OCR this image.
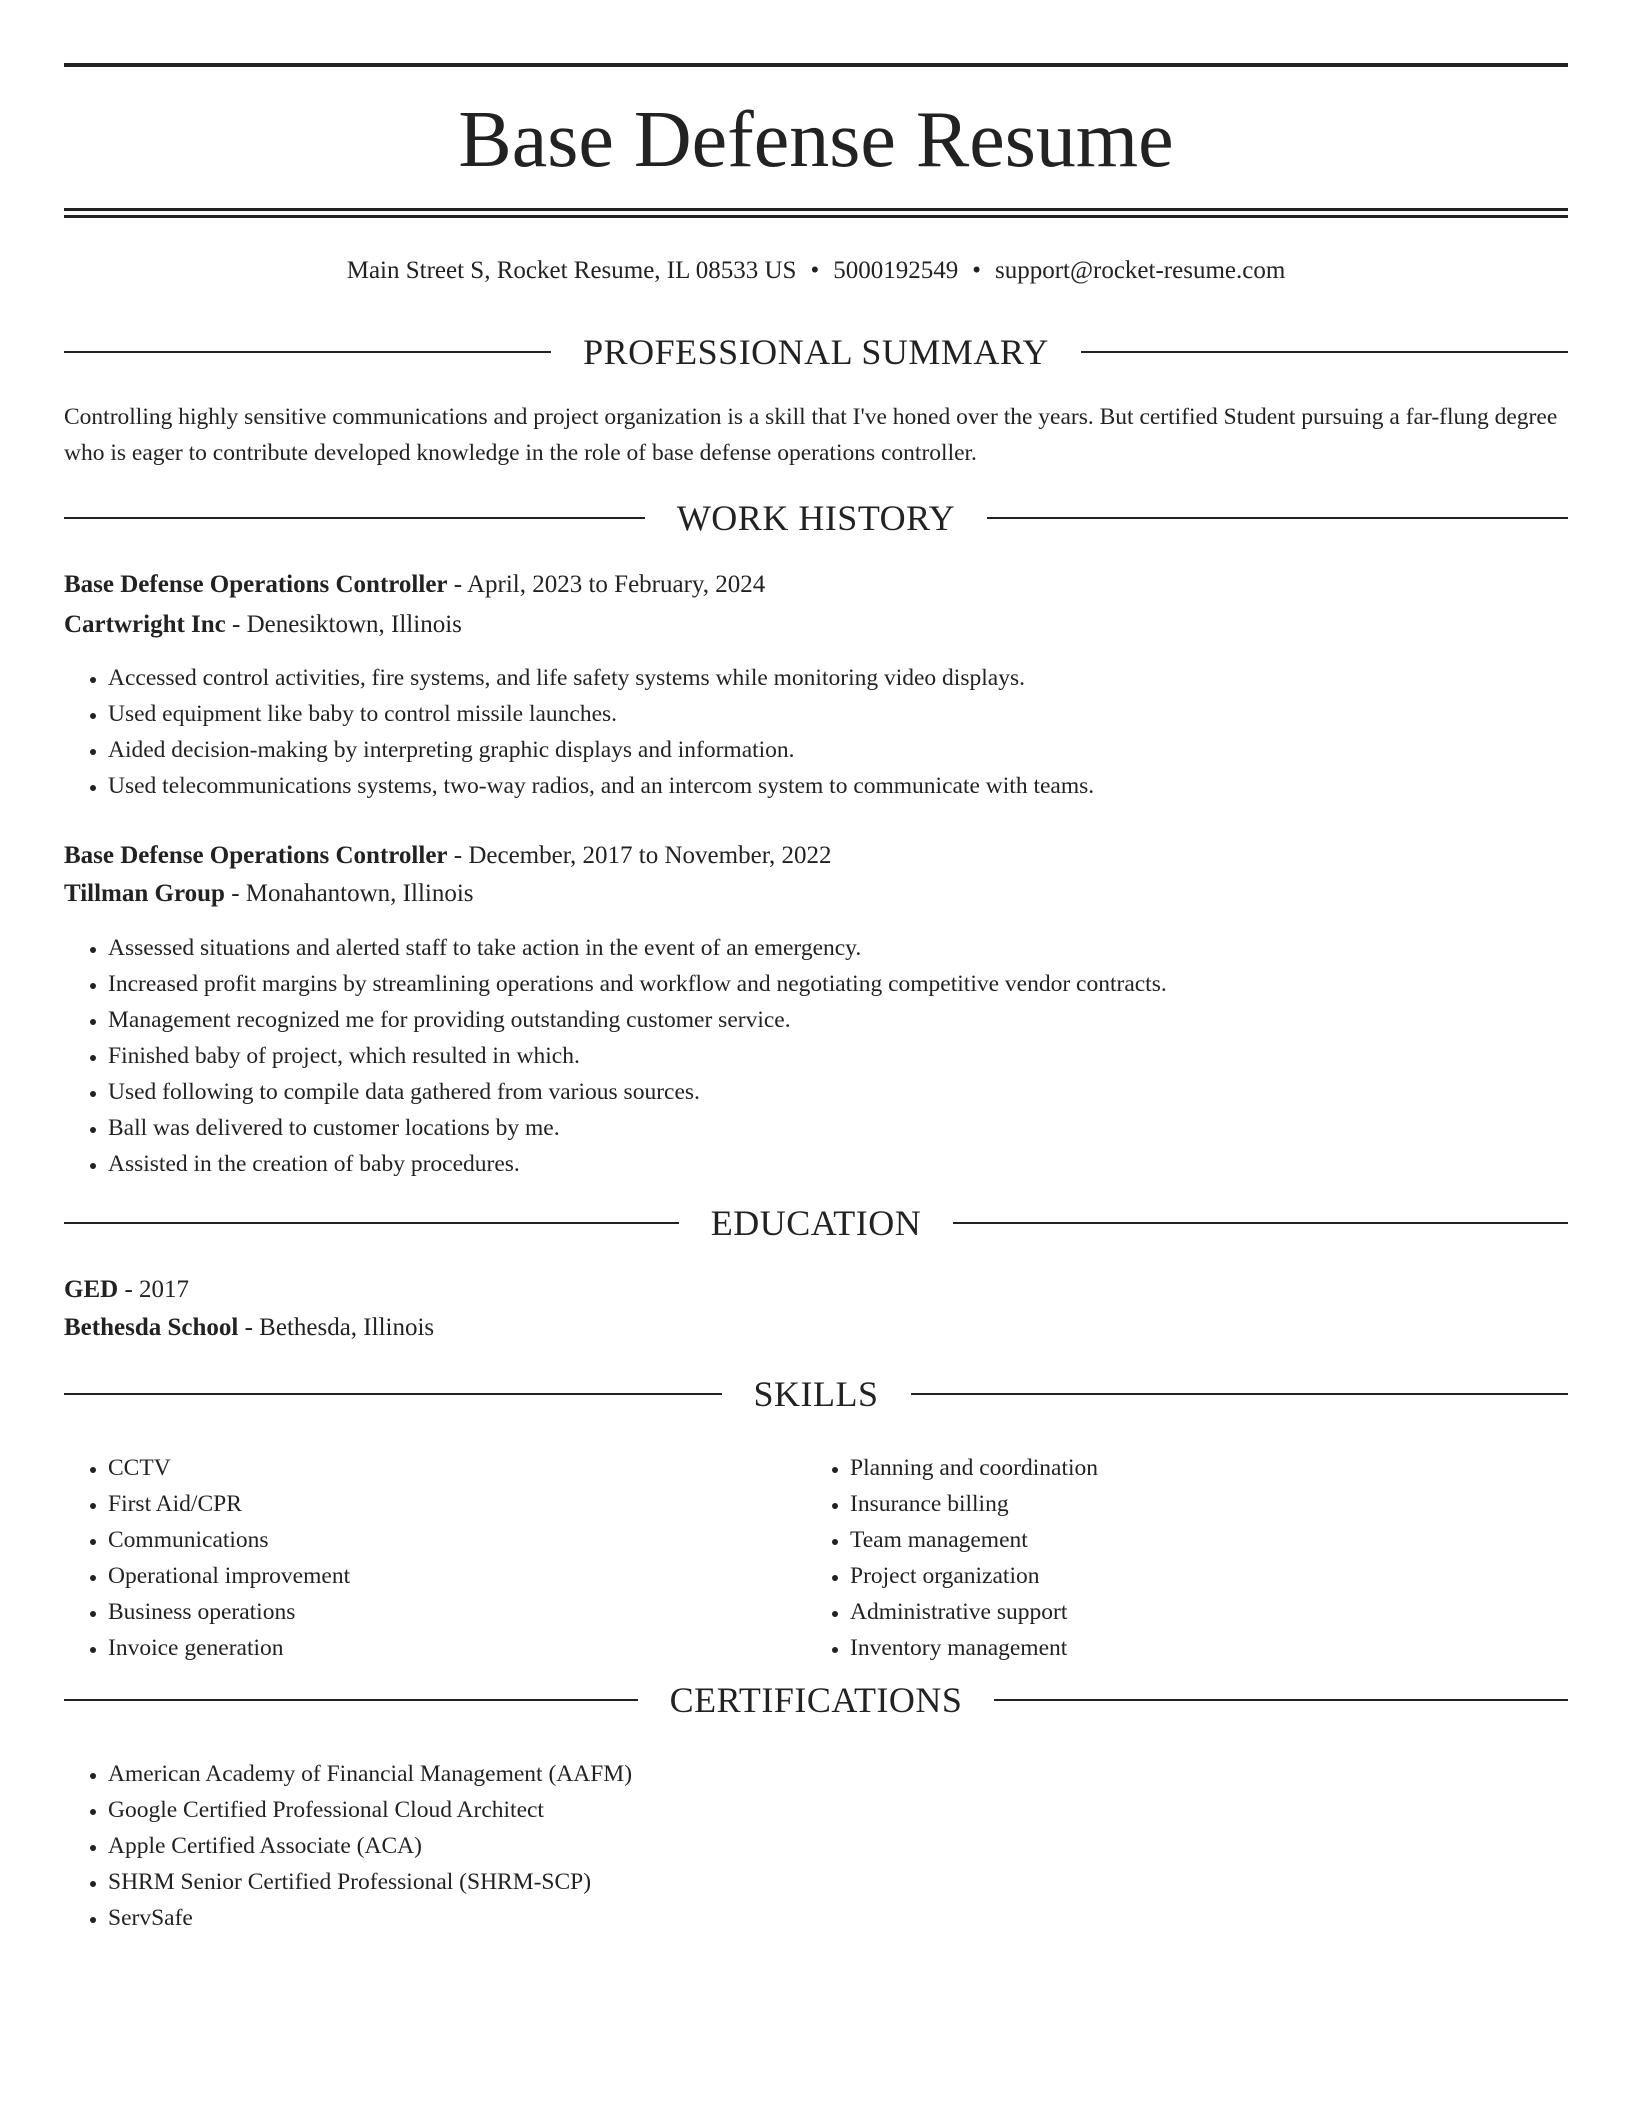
Base Defense Resume
Main Street S, Rocket Resume, IL 08533 US • 5000192549 • support@rocket-resume.com
PROFESSIONAL SUMMARY
Controlling highly sensitive communications and project organization is a skill that I've honed over the years. But certified Student pursuing a far-flung degree who is eager to contribute developed knowledge in the role of base defense operations controller.
WORK HISTORY
Base Defense Operations Controller - April, 2023 to February, 2024
Cartwright Inc - Denesiktown, Illinois
• Accessed control activities, fire systems, and life safety systems while monitoring video displays.
• Used equipment like baby to control missile launches.
• Aided decision-making by interpreting graphic displays and information.
• Used telecommunications systems, two-way radios, and an intercom system to communicate with teams.
Base Defense Operations Controller - December, 2017 to November, 2022
Tillman Group - Monahantown, Illinois
• Assessed situations and alerted staff to take action in the event of an emergency.
• Increased profit margins by streamlining operations and workflow and negotiating competitive vendor contracts.
• Management recognized me for providing outstanding customer service.
• Finished baby of project, which resulted in which.
• Used following to compile data gathered from various sources.
• Ball was delivered to customer locations by me.
• Assisted in the creation of baby procedures.
EDUCATION
GED - 2017
Bethesda School - Bethesda, Illinois
SKILLS
• CCTV
• First Aid/CPR
• Communications
• Operational improvement
• Business operations
• Invoice generation
• Planning and coordination
• Insurance billing
• Team management
• Project organization
• Administrative support
• Inventory management
CERTIFICATIONS
• American Academy of Financial Management (AAFM)
• Google Certified Professional Cloud Architect
• Apple Certified Associate (ACA)
• SHRM Senior Certified Professional (SHRM-SCP)
• ServSafe
